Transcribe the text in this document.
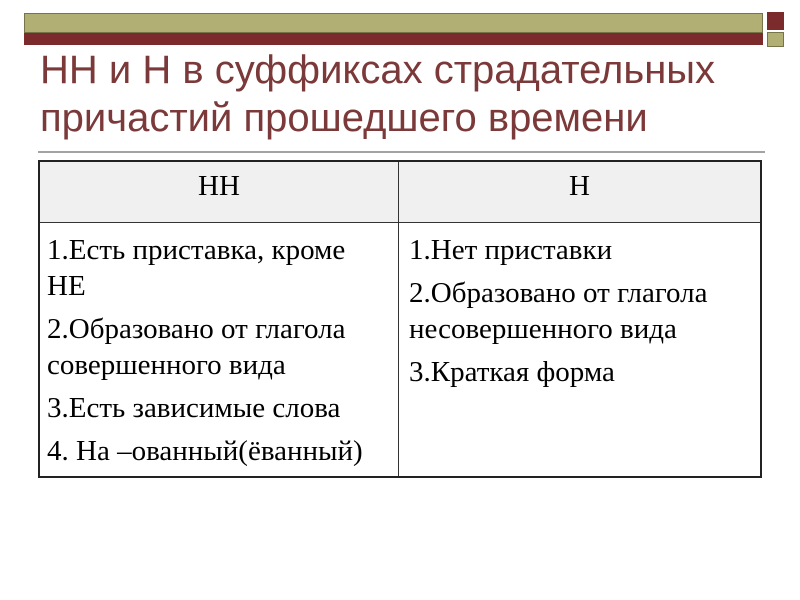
НН и Н в суффиксах страдательных
причастий прошедшего времени
НН	Н
1.Есть приставка, кроме
НЕ
2.Образовано от глагола
совершенного вида
3.Есть зависимые слова
4. На –ованный(ёванный)
1.Нет приставки
2.Образовано от глагола
несовершенного вида
3.Краткая форма
